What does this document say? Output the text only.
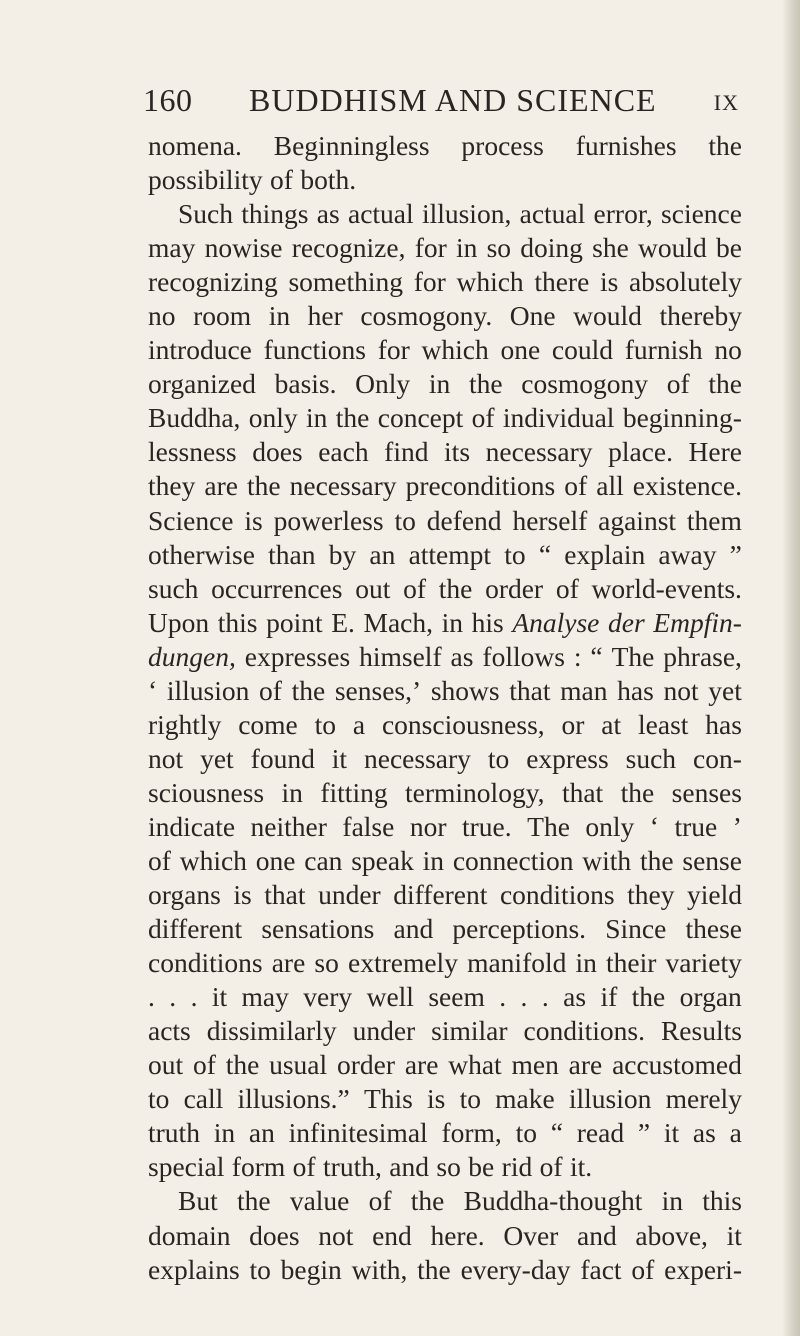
160 BUDDHISM AND SCIENCE	IX
nomena. Beginningless process furnishes the
possibility of both.
Such things as actual illusion, actual error, science
may nowise recognize, for in so doing she would be
recognizing something for which there is absolutely
no room in her cosmogony. One would thereby
introduce functions for which one could furnish no
organized basis. Only in the cosmogony of the
Buddha, only in the concept of individual beginning-
lessness does each find its necessary place. Here
they are the necessary preconditions of all existence.
Science is powerless to defend herself against them
otherwise than by an attempt to “ explain away ”
such occurrences out of the order of world-events.
Upon this point E. Mach, in his Analyse der Empfin-
dungen, expresses himself as follows : “ The phrase,
‘ illusion of the senses,’ shows that man has not yet
rightly come to a consciousness, or at least has
not yet found it necessary to express such con-
sciousness in fitting terminology, that the senses
indicate neither false nor true. The only ‘ true ’
of which one can speak in connection with the sense
organs is that under different conditions they yield
different sensations and perceptions. Since these
conditions are so extremely manifold in their variety
. . . it may very well seem . . . as if the organ
acts dissimilarly under similar conditions. Results
out of the usual order are what men are accustomed
to call illusions.” This is to make illusion merely
truth in an infinitesimal form, to “ read ” it as a
special form of truth, and so be rid of it.
But the value of the Buddha-thought in this
domain does not end here. Over and above, it
explains to begin with, the every-day fact of experi-
